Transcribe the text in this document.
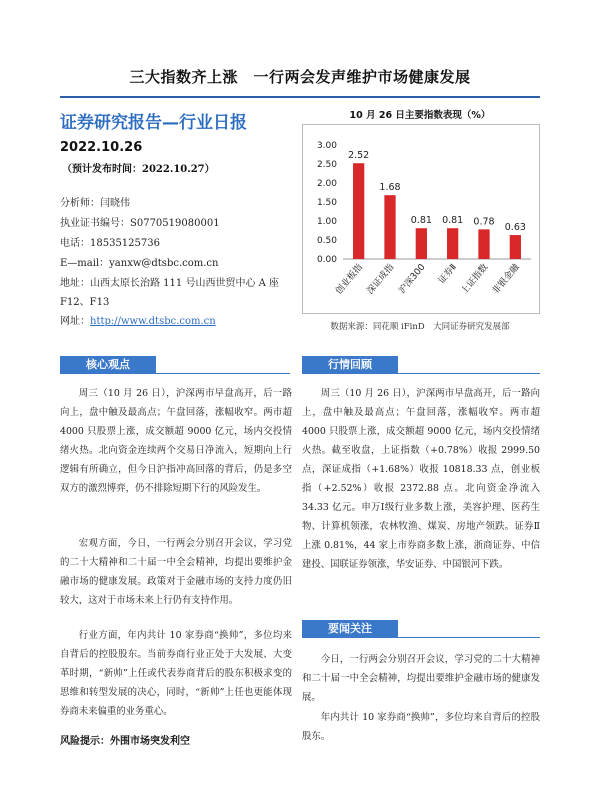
三大指数齐上涨　一行两会发声维护市场健康发展
证券研究报告—行业日报
2022.10.26
（预计发布时间：2022.10.27）
分析师：闫晓伟
执业证书编号：S0770519080001
电话：18535125736
E—mail：yanxw@dtsbc.com.cn
地址：山西太原长治路 111 号山西世贸中心 A 座
F12、F13
网址：http://www.dtsbc.com.cn
10 月 26 日主要指数表现（%）
3.00
2.50
2.00
1.50
1.00
0.50
0.00
2.52
创业板指
1.68
深证成指
0.81
沪深300
0.81
证券Ⅱ
0.78
上证指数
0.63
非银金融
数据来源：同花顺 iFinD　大同证券研究发展部
核心观点	行情回顾
要闻关注
周三（10 月 26 日），沪深两市早盘高开，后一路向上，盘中触及最高点；午盘回落，涨幅收窄。两市超 4000 只股票上涨，成交额超 9000 亿元，场内交投情绪火热。北向资金连续两个交易日净流入，短期向上行逻辑有所确立，但今日沪指冲高回落的背后，仍是多空双方的激烈博弈，仍不排除短期下行的风险发生。
宏观方面，今日，一行两会分别召开会议，学习党的二十大精神和二十届一中全会精神，均提出要维护金融市场的健康发展。政策对于金融市场的支持力度仍旧较大，这对于市场未来上行仍有支持作用。
行业方面，年内共计 10 家券商“换帅”，多位均来自背后的控股股东。当前券商行业正处于大发展、大变革时期，“新帅”上任或代表券商背后的股东积极求变的思维和转型发展的决心，同时，“新帅”上任也更能体现券商未来偏重的业务重心。
风险提示：外围市场突发利空
周三（10 月 26 日），沪深两市早盘高开，后一路向上，盘中触及最高点；午盘回落，涨幅收窄。两市超 4000 只股票上涨，成交额超 9000 亿元，场内交投情绪火热。截至收盘，上证指数（+0.78%）收报 2999.50 点，深证成指（+1.68%）收报 10818.33 点，创业板指（+2.52%）收报 2372.88 点。北向资金净流入 34.33 亿元。申万Ⅰ级行业多数上涨，美容护理、医药生物、计算机领涨，农林牧渔、煤炭、房地产领跌。证券Ⅱ上涨 0.81%，44 家上市券商多数上涨，浙商证券、中信建投、国联证券领涨，华安证券、中国银河下跌。
今日，一行两会分别召开会议，学习党的二十大精神和二十届一中全会精神，均提出要维护金融市场的健康发展。
年内共计 10 家券商“换帅”，多位均来自背后的控股股东。
